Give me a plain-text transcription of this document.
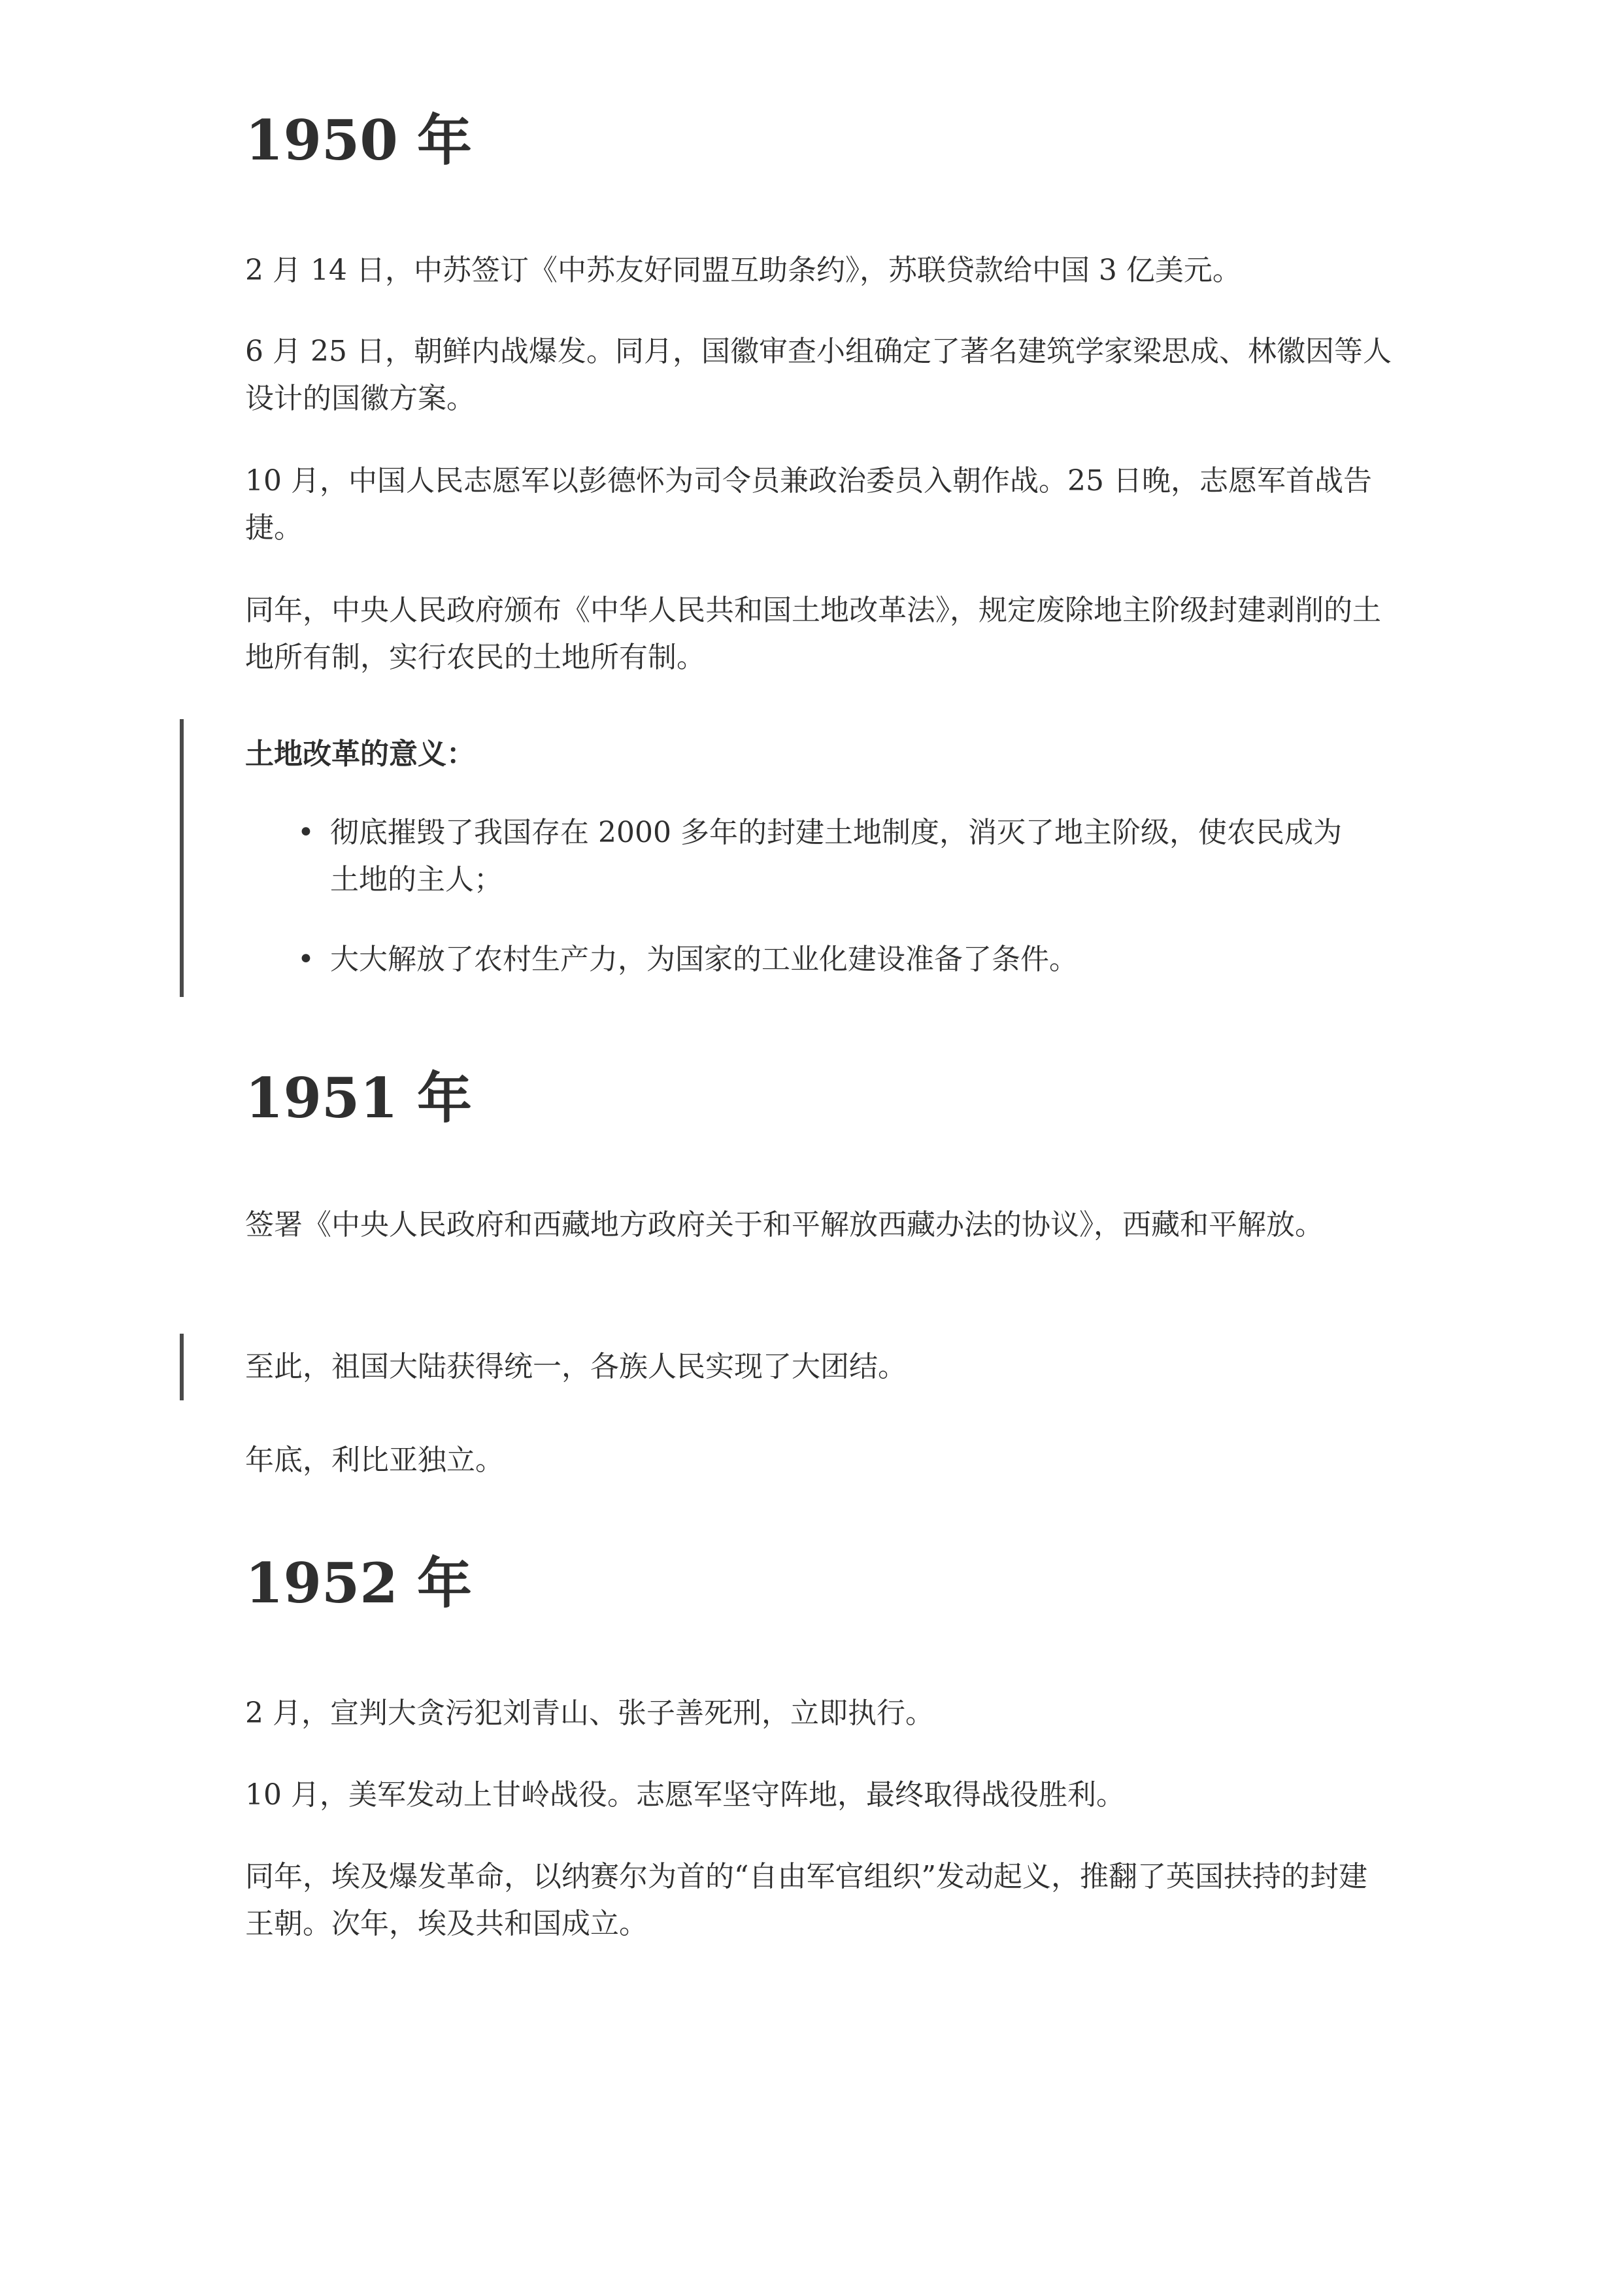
1950 年

2 月 14 日，中苏签订《中苏友好同盟互助条约》，苏联贷款给中国 3 亿美元。

6 月 25 日，朝鲜内战爆发。同月，国徽审查小组确定了著名建筑学家梁思成、林徽因等人设计的国徽方案。

10 月，中国人民志愿军以彭德怀为司令员兼政治委员入朝作战。25 日晚，志愿军首战告捷。

同年，中央人民政府颁布《中华人民共和国土地改革法》，规定废除地主阶级封建剥削的土地所有制，实行农民的土地所有制。

土地改革的意义：

• 彻底摧毁了我国存在 2000 多年的封建土地制度，消灭了地主阶级，使农民成为土地的主人；
• 大大解放了农村生产力，为国家的工业化建设准备了条件。
1951 年

签署《中央人民政府和西藏地方政府关于和平解放西藏办法的协议》，西藏和平解放。

至此，祖国大陆获得统一，各族人民实现了大团结。

年底，利比亚独立。

1952 年

2 月，宣判大贪污犯刘青山、张子善死刑，立即执行。

10 月，美军发动上甘岭战役。志愿军坚守阵地，最终取得战役胜利。

同年，埃及爆发革命，以纳赛尔为首的“自由军官组织”发动起义，推翻了英国扶持的封建王朝。次年，埃及共和国成立。
